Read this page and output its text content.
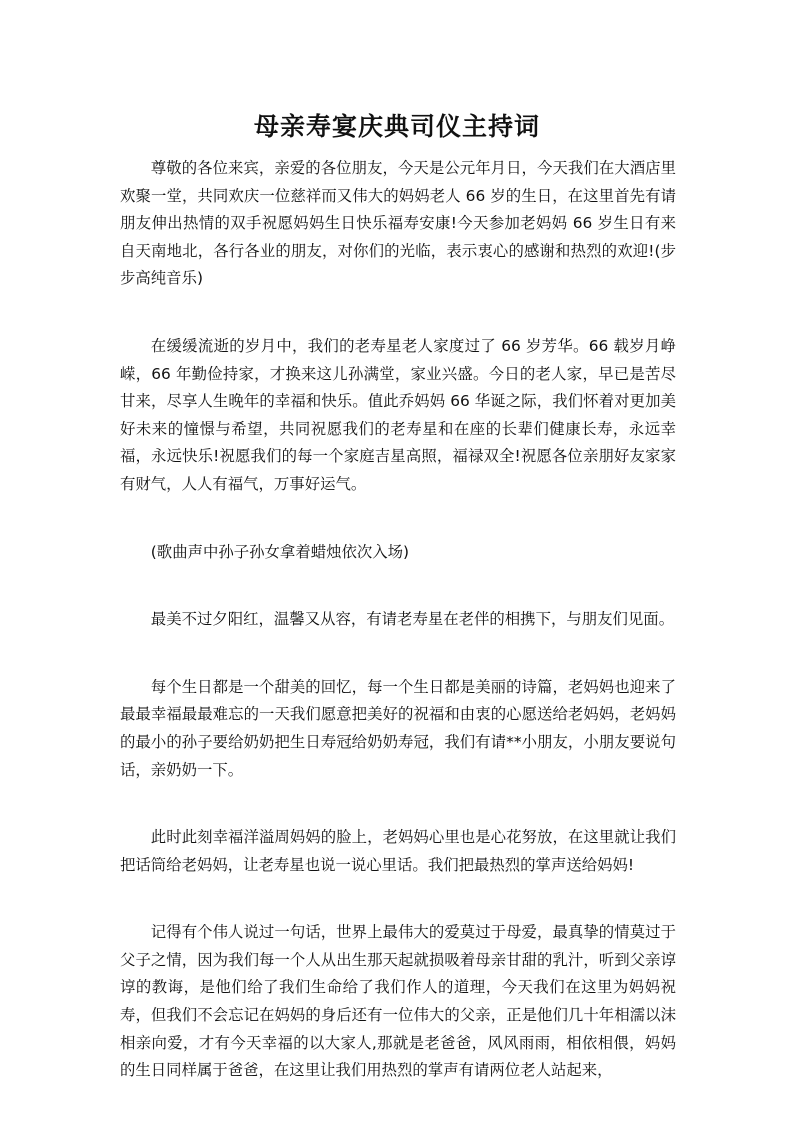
母亲寿宴庆典司仪主持词

尊敬的各位来宾，亲爱的各位朋友，今天是公元年月日，今天我们在大酒店里欢聚一堂，共同欢庆一位慈祥而又伟大的妈妈老人 66 岁的生日，在这里首先有请朋友伸出热情的双手祝愿妈妈生日快乐福寿安康!今天参加老妈妈 66 岁生日有来自天南地北，各行各业的朋友，对你们的光临，表示衷心的感谢和热烈的欢迎!(步步高纯音乐)

在缓缓流逝的岁月中，我们的老寿星老人家度过了 66 岁芳华。66 载岁月峥嵘，66 年勤俭持家，才换来这儿孙满堂，家业兴盛。今日的老人家，早已是苦尽甘来，尽享人生晚年的幸福和快乐。值此乔妈妈 66 华诞之际，我们怀着对更加美好未来的憧憬与希望，共同祝愿我们的老寿星和在座的长辈们健康长寿，永远幸福，永远快乐!祝愿我们的每一个家庭吉星高照，福禄双全!祝愿各位亲朋好友家家有财气，人人有福气，万事好运气。

(歌曲声中孙子孙女拿着蜡烛依次入场)

最美不过夕阳红，温馨又从容，有请老寿星在老伴的相携下，与朋友们见面。

每个生日都是一个甜美的回忆，每一个生日都是美丽的诗篇，老妈妈也迎来了最最幸福最最难忘的一天我们愿意把美好的祝福和由衷的心愿送给老妈妈，老妈妈的最小的孙子要给奶奶把生日寿冠给奶奶寿冠，我们有请**小朋友，小朋友要说句话，亲奶奶一下。

此时此刻幸福洋溢周妈妈的脸上，老妈妈心里也是心花努放，在这里就让我们把话筒给老妈妈，让老寿星也说一说心里话。我们把最热烈的掌声送给妈妈!

记得有个伟人说过一句话，世界上最伟大的爱莫过于母爱，最真挚的情莫过于父子之情，因为我们每一个人从出生那天起就损吸着母亲甘甜的乳汁，听到父亲谆谆的教诲，是他们给了我们生命给了我们作人的道理，今天我们在这里为妈妈祝寿，但我们不会忘记在妈妈的身后还有一位伟大的父亲，正是他们几十年相濡以沫相亲向爱，才有今天幸福的以大家人,那就是老爸爸，风风雨雨，相依相偎，妈妈的生日同样属于爸爸，在这里让我们用热烈的掌声有请两位老人站起来，
